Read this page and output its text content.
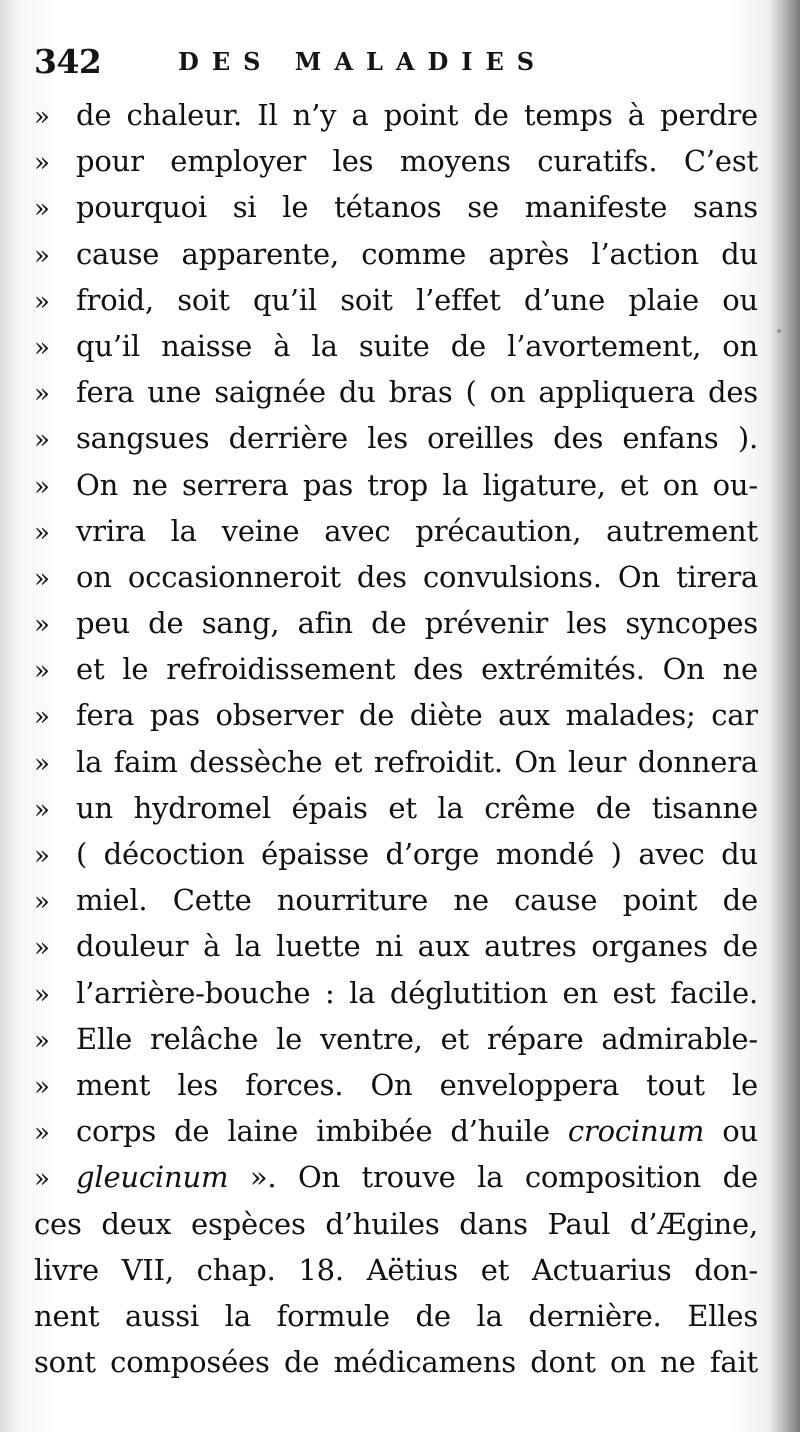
342	DES MALADIES
» de chaleur. Il n’y a point de temps à perdre
» pour employer les moyens curatifs. C’est
» pourquoi si le tétanos se manifeste sans
» cause apparente, comme après l’action du
» froid, soit qu’il soit l’effet d’une plaie ou
» qu’il naisse à la suite de l’avortement, on
» fera une saignée du bras ( on appliquera des
» sangsues derrière les oreilles des enfans ).
» On ne serrera pas trop la ligature, et on ou-
» vrira la veine avec précaution, autrement
» on occasionneroit des convulsions. On tirera
» peu de sang, afin de prévenir les syncopes
» et le refroidissement des extrémités. On ne
» fera pas observer de diète aux malades; car
» la faim dessèche et refroidit. On leur donnera
» un hydromel épais et la crême de tisanne
» ( décoction épaisse d’orge mondé ) avec du
» miel. Cette nourriture ne cause point de
» douleur à la luette ni aux autres organes de
» l’arrière-bouche : la déglutition en est facile.
» Elle relâche le ventre, et répare admirable-
» ment les forces. On enveloppera tout le
» corps de laine imbibée d’huile crocinum ou
» gleucinum ». On trouve la composition de
ces deux espèces d’huiles dans Paul d’Ægine,
livre VII, chap. 18. Aëtius et Actuarius don-
nent aussi la formule de la dernière. Elles
sont composées de médicamens dont on ne fait
